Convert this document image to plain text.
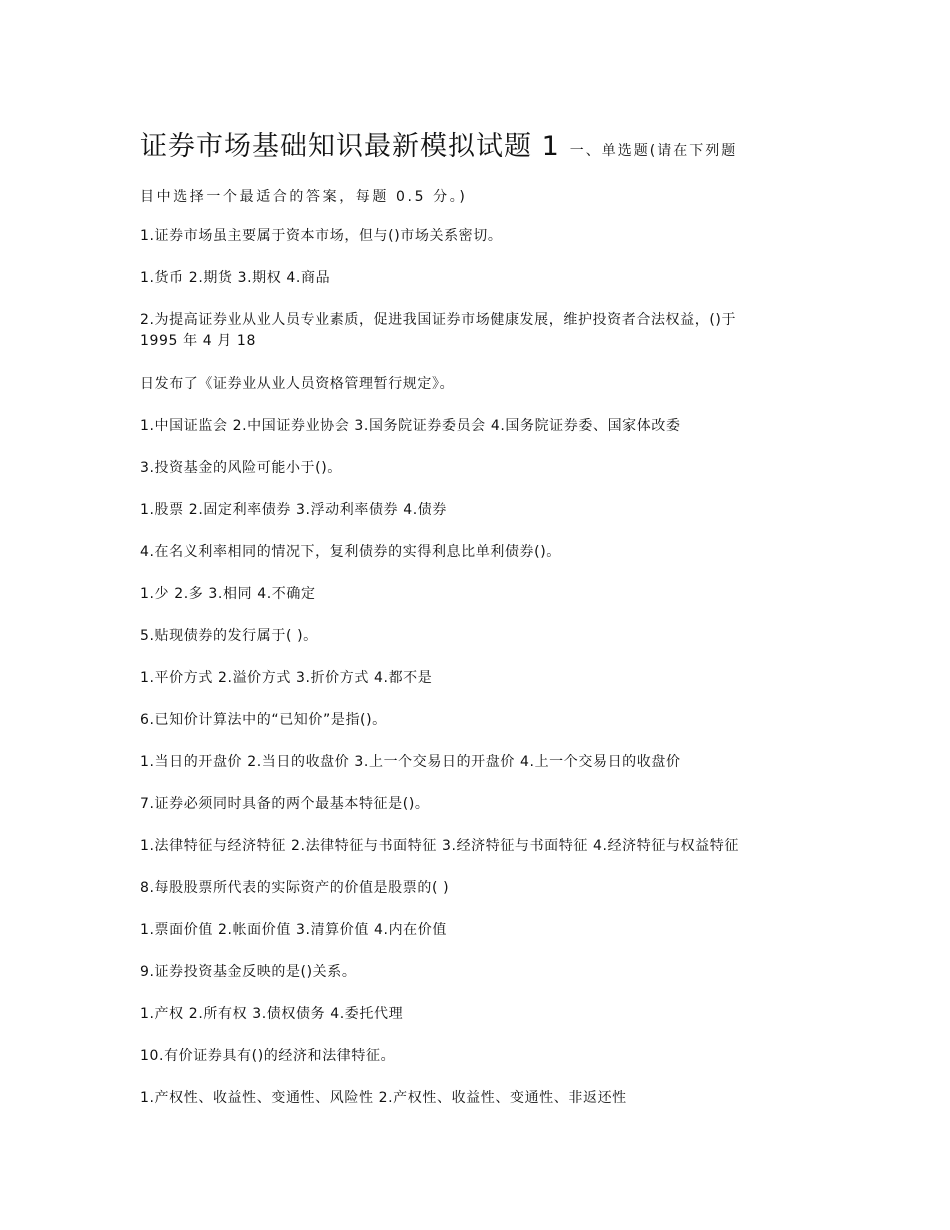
证券市场基础知识最新模拟试题 1 一、单选题(请在下列题
目中选择一个最适合的答案，每题 0.5 分。)
1.证券市场虽主要属于资本市场，但与()市场关系密切。
1.货币 2.期货 3.期权 4.商品
2.为提高证券业从业人员专业素质，促进我国证券市场健康发展，维护投资者合法权益，()于
1995 年 4 月 18
日发布了《证券业从业人员资格管理暂行规定》。
1.中国证监会 2.中国证券业协会 3.国务院证券委员会 4.国务院证券委、国家体改委
3.投资基金的风险可能小于()。
1.股票 2.固定利率债券 3.浮动利率债券 4.债券
4.在名义利率相同的情况下，复利债券的实得利息比单利债券()。
1.少 2.多 3.相同 4.不确定
5.贴现债券的发行属于( )。
1.平价方式 2.溢价方式 3.折价方式 4.都不是
6.已知价计算法中的“已知价”是指()。
1.当日的开盘价 2.当日的收盘价 3.上一个交易日的开盘价 4.上一个交易日的收盘价
7.证券必须同时具备的两个最基本特征是()。
1.法律特征与经济特征 2.法律特征与书面特征 3.经济特征与书面特征 4.经济特征与权益特征
8.每股股票所代表的实际资产的价值是股票的( )
1.票面价值 2.帐面价值 3.清算价值 4.内在价值
9.证券投资基金反映的是()关系。
1.产权 2.所有权 3.债权债务 4.委托代理
10.有价证券具有()的经济和法律特征。
1.产权性、收益性、变通性、风险性 2.产权性、收益性、变通性、非返还性
